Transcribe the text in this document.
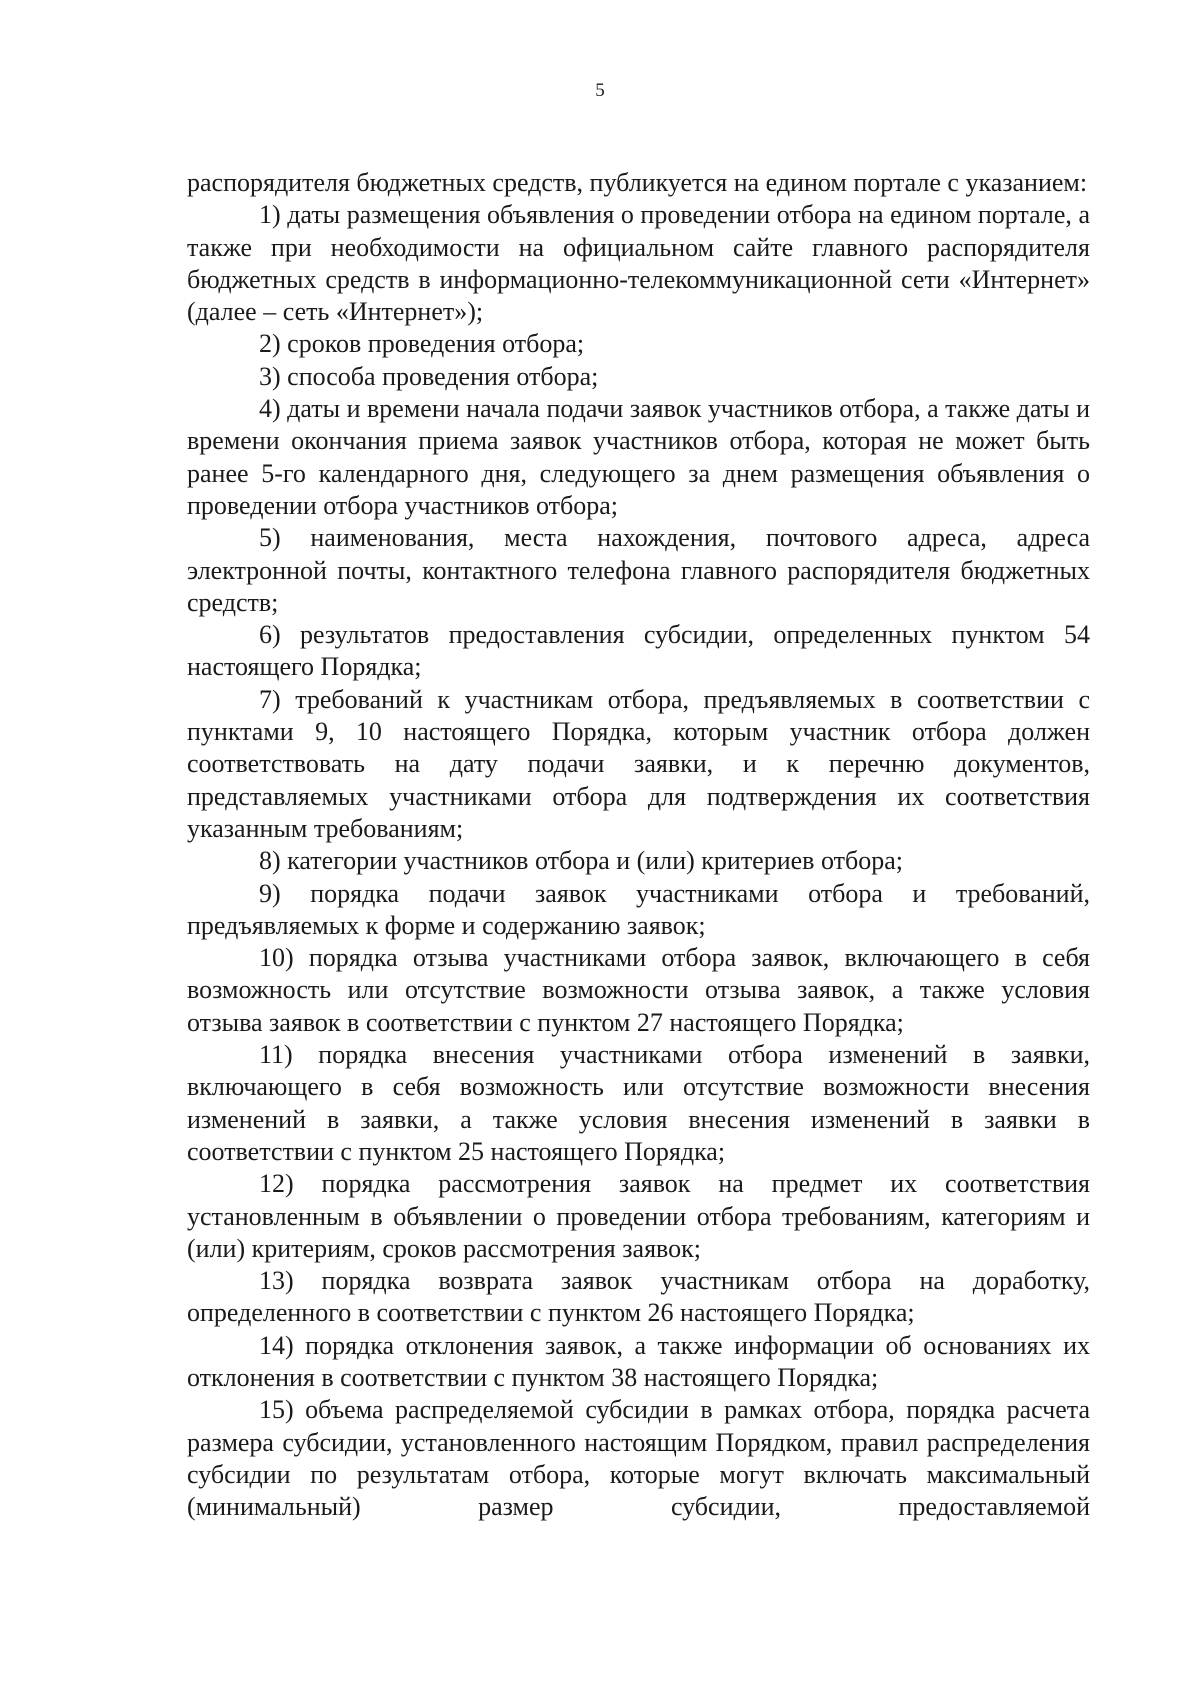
5

распорядителя бюджетных средств, публикуется на едином портале с указанием:

1) даты размещения объявления о проведении отбора на едином портале, а также при необходимости на официальном сайте главного распорядителя бюджетных средств в информационно-телекоммуникационной сети «Интернет» (далее – сеть «Интернет»);

2) сроков проведения отбора;

3) способа проведения отбора;

4) даты и времени начала подачи заявок участников отбора, а также даты и времени окончания приема заявок участников отбора, которая не может быть ранее 5-го календарного дня, следующего за днем размещения объявления о проведении отбора участников отбора;

5) наименования, места нахождения, почтового адреса, адреса электронной почты, контактного телефона главного распорядителя бюджетных средств;

6) результатов предоставления субсидии, определенных пунктом 54 настоящего Порядка;

7) требований к участникам отбора, предъявляемых в соответствии с пунктами 9, 10 настоящего Порядка, которым участник отбора должен соответствовать на дату подачи заявки, и к перечню документов, представляемых участниками отбора для подтверждения их соответствия указанным требованиям;

8) категории участников отбора и (или) критериев отбора;

9) порядка подачи заявок участниками отбора и требований, предъявляемых к форме и содержанию заявок;

10) порядка отзыва участниками отбора заявок, включающего в себя возможность или отсутствие возможности отзыва заявок, а также условия отзыва заявок в соответствии с пунктом 27 настоящего Порядка;

11) порядка внесения участниками отбора изменений в заявки, включающего в себя возможность или отсутствие возможности внесения изменений в заявки, а также условия внесения изменений в заявки в соответствии с пунктом 25 настоящего Порядка;

12) порядка рассмотрения заявок на предмет их соответствия установленным в объявлении о проведении отбора требованиям, категориям и (или) критериям, сроков рассмотрения заявок;

13) порядка возврата заявок участникам отбора на доработку, определенного в соответствии с пунктом 26 настоящего Порядка;

14) порядка отклонения заявок, а также информации об основаниях их отклонения в соответствии с пунктом 38 настоящего Порядка;

15) объема распределяемой субсидии в рамках отбора, порядка расчета размера субсидии, установленного настоящим Порядком, правил распределения субсидии по результатам отбора, которые могут включать максимальный (минимальный) размер субсидии, предоставляемой
